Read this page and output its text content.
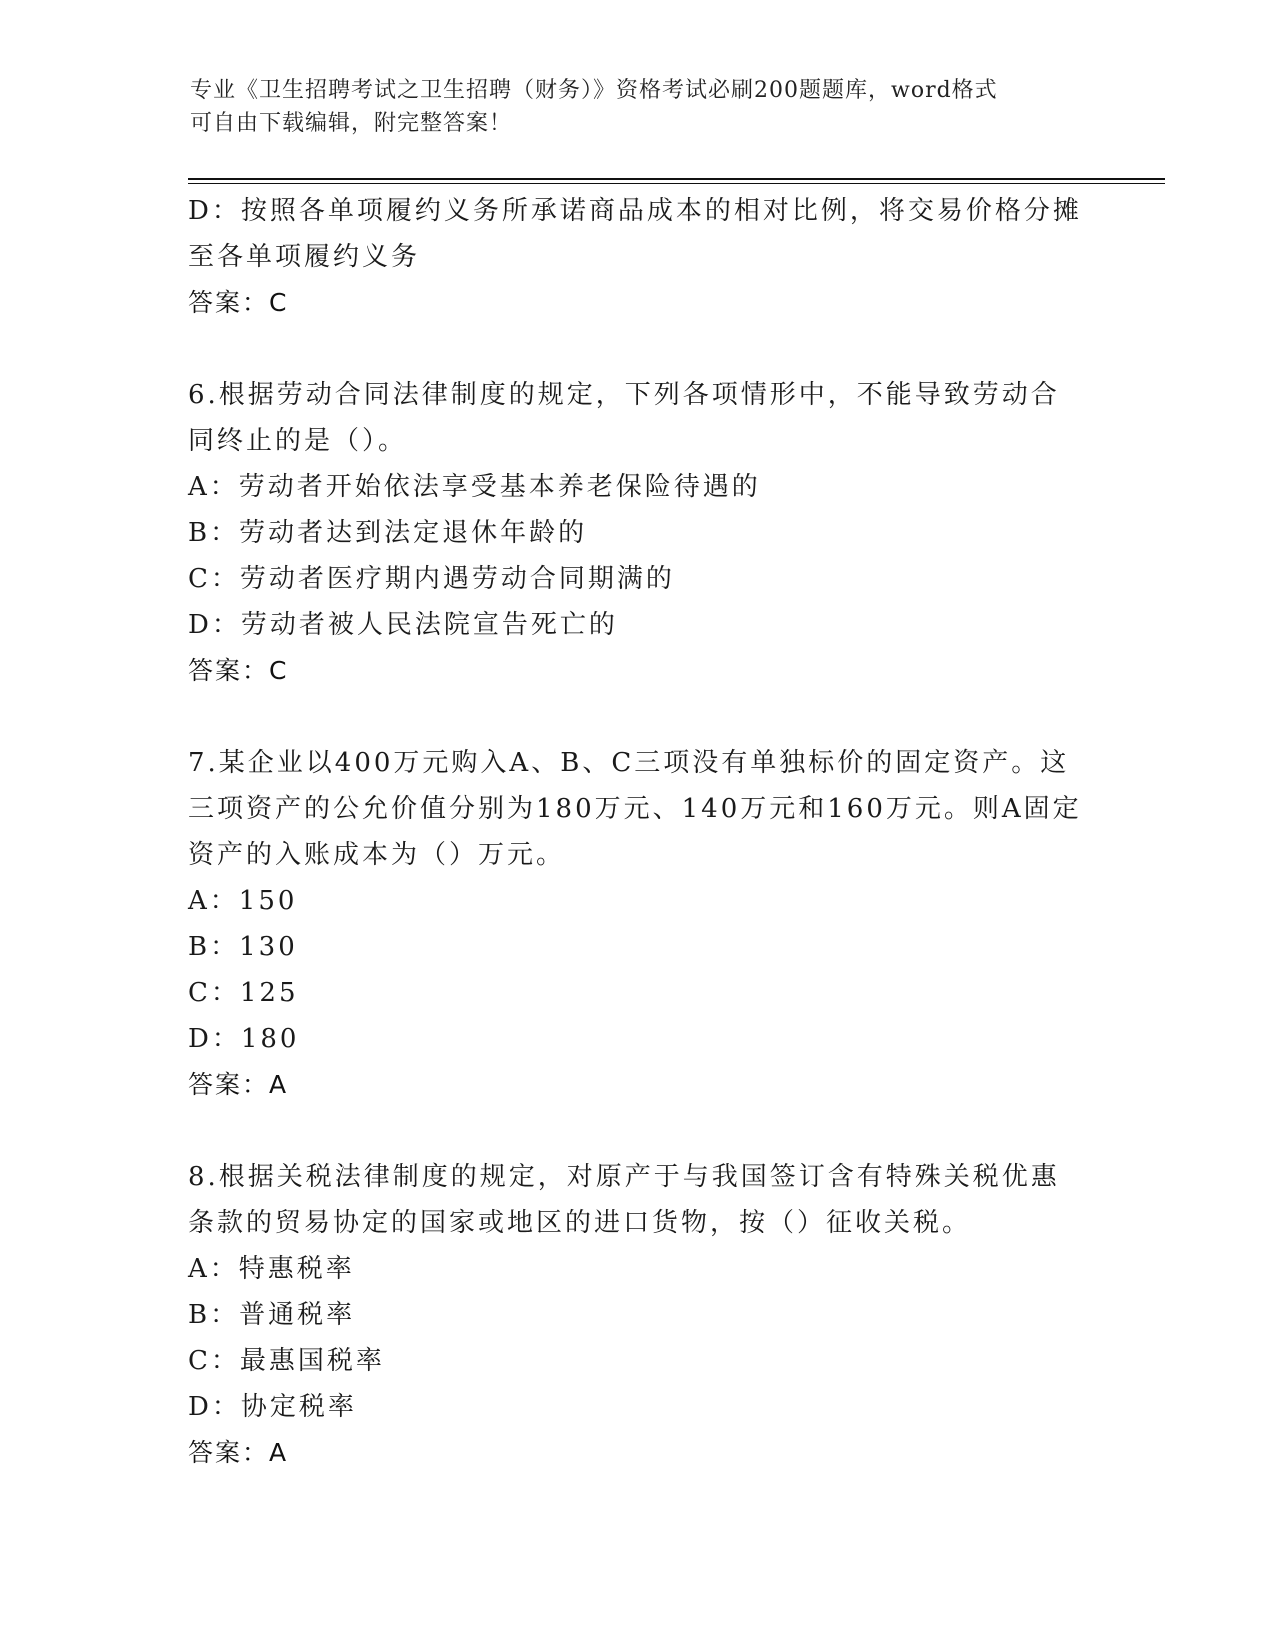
专业《卫生招聘考试之卫生招聘（财务）》资格考试必刷200题题库，word格式
可自由下载编辑，附完整答案！
D：按照各单项履约义务所承诺商品成本的相对比例，将交易价格分摊
至各单项履约义务
答案：C
6.根据劳动合同法律制度的规定，下列各项情形中，不能导致劳动合
同终止的是（）。
A：劳动者开始依法享受基本养老保险待遇的
B：劳动者达到法定退休年龄的
C：劳动者医疗期内遇劳动合同期满的
D：劳动者被人民法院宣告死亡的
答案：C
7.某企业以400万元购入A、B、C三项没有单独标价的固定资产。这
三项资产的公允价值分别为180万元、140万元和160万元。则A固定
资产的入账成本为（）万元。
A：150
B：130
C：125
D：180
答案：A
8.根据关税法律制度的规定，对原产于与我国签订含有特殊关税优惠
条款的贸易协定的国家或地区的进口货物，按（）征收关税。
A：特惠税率
B：普通税率
C：最惠国税率
D：协定税率
答案：A
